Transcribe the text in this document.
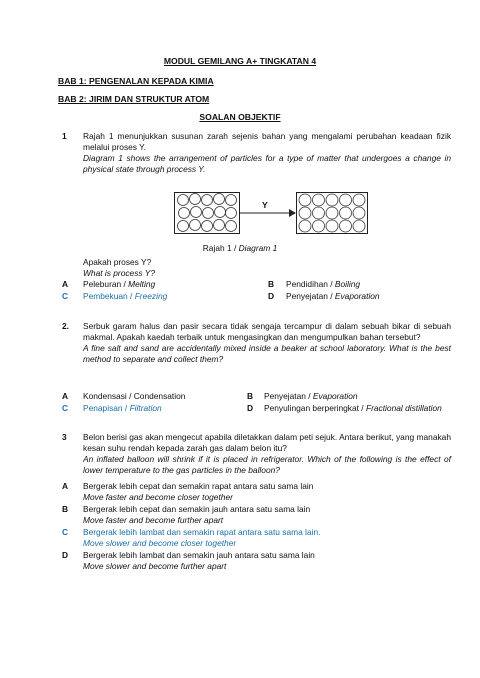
MODUL GEMILANG A+ TINGKATAN 4
BAB 1: PENGENALAN KEPADA KIMIA
BAB 2: JIRIM DAN STRUKTUR ATOM
SOALAN OBJEKTIF
1 Rajah 1 menunjukkan susunan zarah sejenis bahan yang mengalami perubahan keadaan fizik melalui proses Y.
Diagram 1 shows the arrangement of particles for a type of matter that undergoes a change in physical state through process Y.
Y
Rajah 1 / Diagram 1
Apakah proses Y?
What is process Y?
A Peleburan / Melting	B Pendidihan / Boiling
C Pembekuan / Freezing	D Penyejatan / Evaporation
2. Serbuk garam halus dan pasir secara tidak sengaja tercampur di dalam sebuah bikar di sebuah makmal. Apakah kaedah terbaik untuk mengasingkan dan mengumpulkan bahan tersebut?
A fine salt and sand are accidentally mixed inside a beaker at school laboratory. What is the best method to separate and collect them?
A Kondensasi / Condensation	B Penyejatan / Evaporation
C Penapisan / Filtration	D Penyulingan berperingkat / Fractional distillation
3 Belon berisi gas akan mengecut apabila diletakkan dalam peti sejuk. Antara berikut, yang manakah kesan suhu rendah kepada zarah gas dalam belon itu?
An inflated balloon will shrink if it is placed in refrigerator. Which of the following is the effect of lower temperature to the gas particles in the balloon?
A Bergerak lebih cepat dan semakin rapat antara satu sama lain
Move faster and become closer together
B Bergerak lebih cepat dan semakin jauh antara satu sama lain
Move faster and become further apart
C Bergerak lebih lambat dan semakin rapat antara satu sama lain.
Move slower and become closer together
D Bergerak lebih lambat dan semakin jauh antara satu sama lain
Move slower and become further apart
